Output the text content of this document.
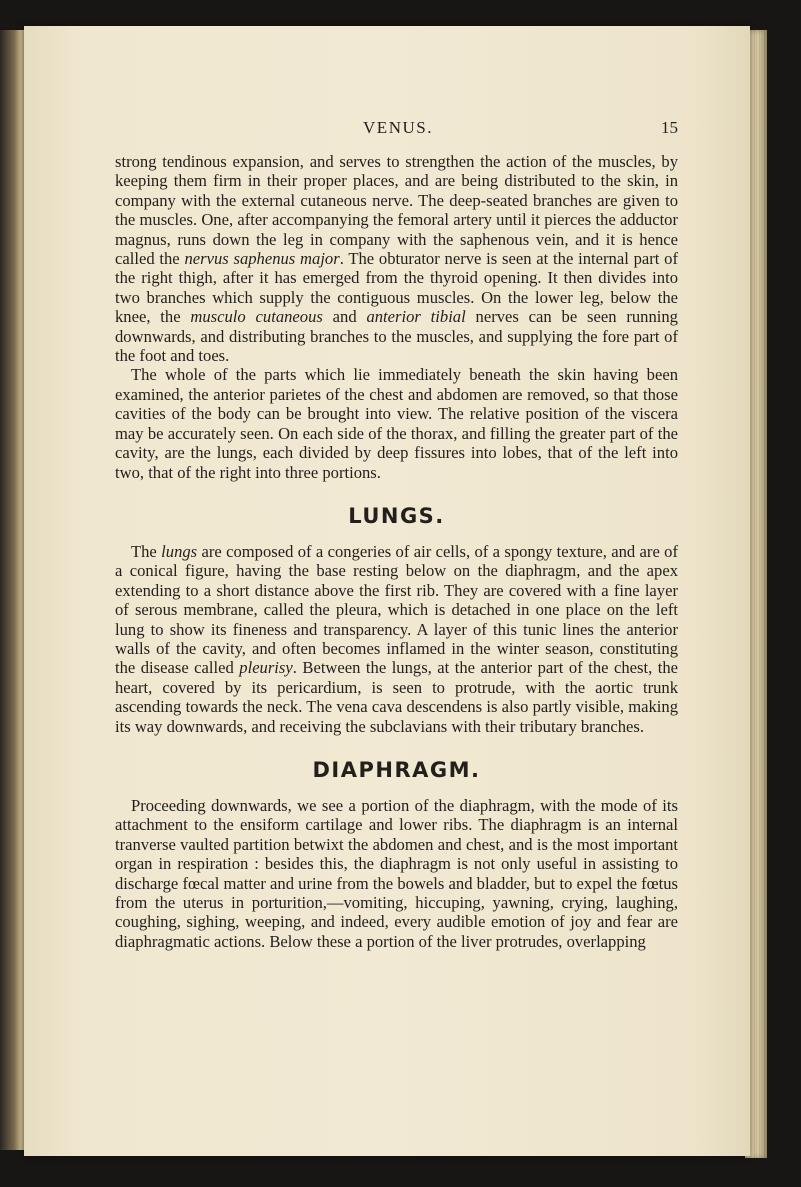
VENUS.	15

strong tendinous expansion, and serves to strengthen the action of the muscles, by keeping them firm in their proper places, and are being distributed to the skin, in company with the external cutaneous nerve. The deep-seated branches are given to the muscles. One, after accompanying the femoral artery until it pierces the adductor magnus, runs down the leg in company with the saphenous vein, and it is hence called the nervus saphenus major. The obturator nerve is seen at the internal part of the right thigh, after it has emerged from the thyroid opening. It then divides into two branches which supply the contiguous muscles. On the lower leg, below the knee, the musculo cutaneous and anterior tibial nerves can be seen running downwards, and distributing branches to the muscles, and supplying the fore part of the foot and toes.

The whole of the parts which lie immediately beneath the skin having been examined, the anterior parietes of the chest and abdomen are removed, so that those cavities of the body can be brought into view. The relative position of the viscera may be accurately seen. On each side of the thorax, and filling the greater part of the cavity, are the lungs, each divided by deep fissures into lobes, that of the left into two, that of the right into three portions.

LUNGS.

The lungs are composed of a congeries of air cells, of a spongy texture, and are of a conical figure, having the base resting below on the diaphragm, and the apex extending to a short distance above the first rib. They are covered with a fine layer of serous membrane, called the pleura, which is detached in one place on the left lung to show its fineness and transparency. A layer of this tunic lines the anterior walls of the cavity, and often becomes inflamed in the winter season, constituting the disease called pleurisy. Between the lungs, at the anterior part of the chest, the heart, covered by its pericardium, is seen to protrude, with the aortic trunk ascending towards the neck. The vena cava descendens is also partly visible, making its way downwards, and receiving the subclavians with their tributary branches.

DIAPHRAGM.

Proceeding downwards, we see a portion of the diaphragm, with the mode of its attachment to the ensiform cartilage and lower ribs. The diaphragm is an internal tranverse vaulted partition betwixt the abdomen and chest, and is the most important organ in respiration : besides this, the diaphragm is not only useful in assisting to discharge fœcal matter and urine from the bowels and bladder, but to expel the fœtus from the uterus in porturition,—vomiting, hiccuping, yawning, crying, laughing, coughing, sighing, weeping, and indeed, every audible emotion of joy and fear are diaphragmatic actions. Below these a portion of the liver protrudes, overlapping
